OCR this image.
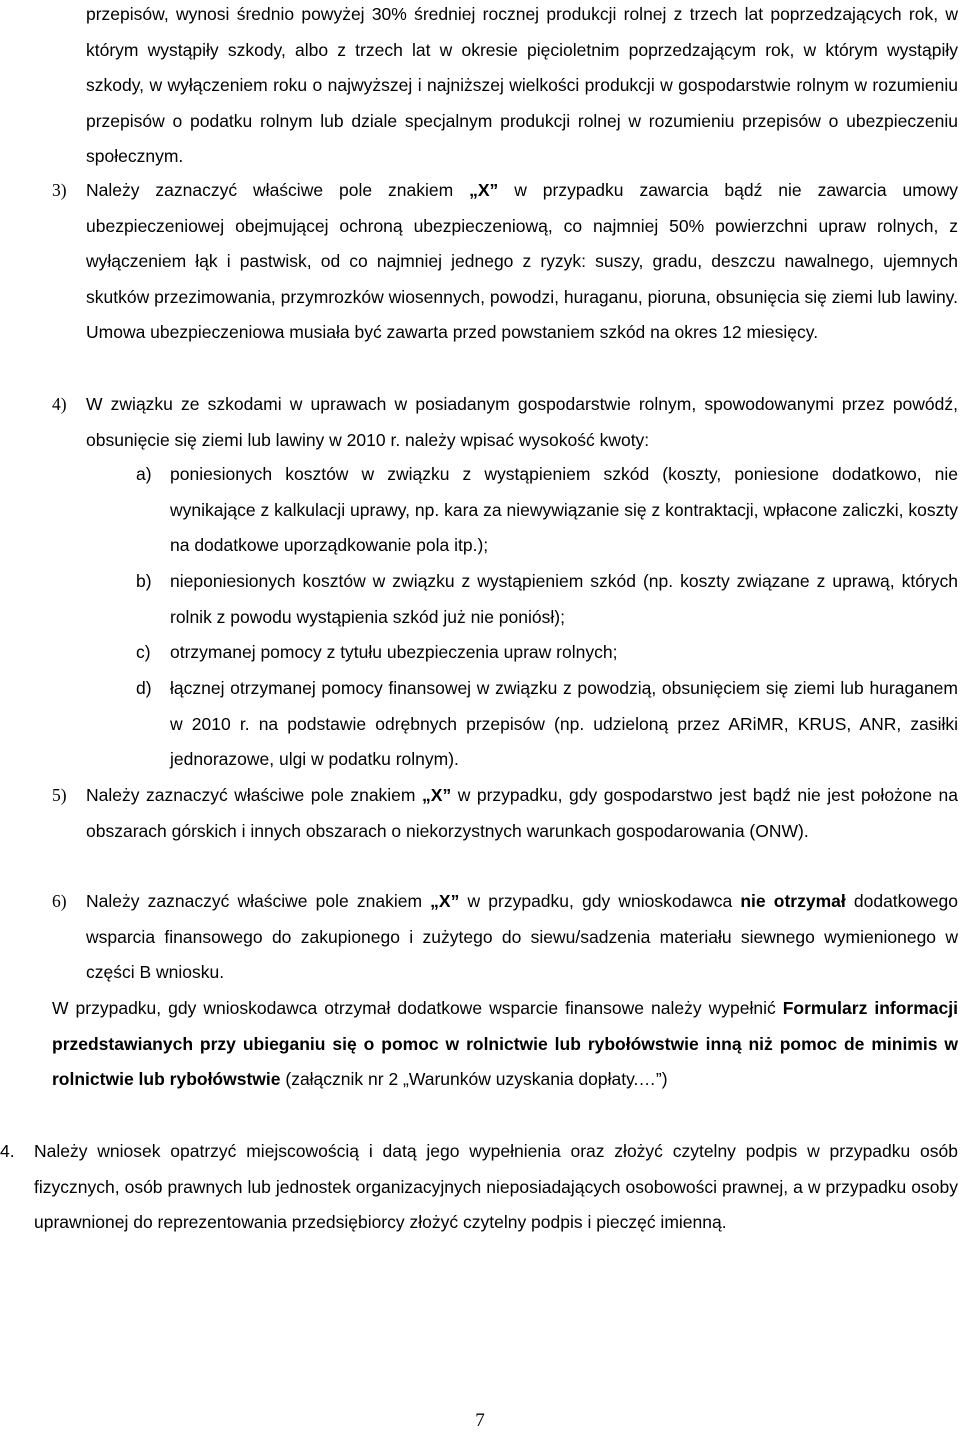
przepisów, wynosi średnio powyżej 30% średniej rocznej produkcji rolnej z trzech lat poprzedzających rok, w którym wystąpiły szkody, albo z trzech lat w okresie pięcioletnim poprzedzającym rok, w którym wystąpiły szkody, w wyłączeniem roku o najwyższej i najniższej wielkości produkcji w gospodarstwie rolnym w rozumieniu przepisów o podatku rolnym lub dziale specjalnym produkcji rolnej w rozumieniu przepisów o ubezpieczeniu społecznym.

3) Należy zaznaczyć właściwe pole znakiem „X” w przypadku zawarcia bądź nie zawarcia umowy ubezpieczeniowej obejmującej ochroną ubezpieczeniową, co najmniej 50% powierzchni upraw rolnych, z wyłączeniem łąk i pastwisk, od co najmniej jednego z ryzyk: suszy, gradu, deszczu nawalnego, ujemnych skutków przezimowania, przymrozków wiosennych, powodzi, huraganu, pioruna, obsunięcia się ziemi lub lawiny. Umowa ubezpieczeniowa musiała być zawarta przed powstaniem szkód na okres 12 miesięcy.

4) W związku ze szkodami w uprawach w posiadanym gospodarstwie rolnym, spowodowanymi przez powódź, obsunięcie się ziemi lub lawiny w 2010 r. należy wpisać wysokość kwoty:

a) poniesionych kosztów w związku z wystąpieniem szkód (koszty, poniesione dodatkowo, nie wynikające z kalkulacji uprawy, np. kara za niewywiązanie się z kontraktacji, wpłacone zaliczki, koszty na dodatkowe uporządkowanie pola itp.);

b) nieponiesionych kosztów w związku z wystąpieniem szkód (np. koszty związane z uprawą, których rolnik z powodu wystąpienia szkód już nie poniósł);

c) otrzymanej pomocy z tytułu ubezpieczenia upraw rolnych;

d) łącznej otrzymanej pomocy finansowej w związku z powodzią, obsunięciem się ziemi lub huraganem w 2010 r. na podstawie odrębnych przepisów (np. udzieloną przez ARiMR, KRUS, ANR, zasiłki jednorazowe, ulgi w podatku rolnym).

5) Należy zaznaczyć właściwe pole znakiem „X” w przypadku, gdy gospodarstwo jest bądź nie jest położone na obszarach górskich i innych obszarach o niekorzystnych warunkach gospodarowania (ONW).

6) Należy zaznaczyć właściwe pole znakiem „X” w przypadku, gdy wnioskodawca nie otrzymał dodatkowego wsparcia finansowego do zakupionego i zużytego do siewu/sadzenia materiału siewnego wymienionego w części B wniosku.

W przypadku, gdy wnioskodawca otrzymał dodatkowe wsparcie finansowe należy wypełnić Formularz informacji przedstawianych przy ubieganiu się o pomoc w rolnictwie lub rybołówstwie inną niż pomoc de minimis w rolnictwie lub rybołówstwie (załącznik nr 2 „Warunków uzyskania dopłaty.…”)

4. Należy wniosek opatrzyć miejscowością i datą jego wypełnienia oraz złożyć czytelny podpis w przypadku osób fizycznych, osób prawnych lub jednostek organizacyjnych nieposiadających osobowości prawnej, a w przypadku osoby uprawnionej do reprezentowania przedsiębiorcy złożyć czytelny podpis i pieczęć imienną.

7
